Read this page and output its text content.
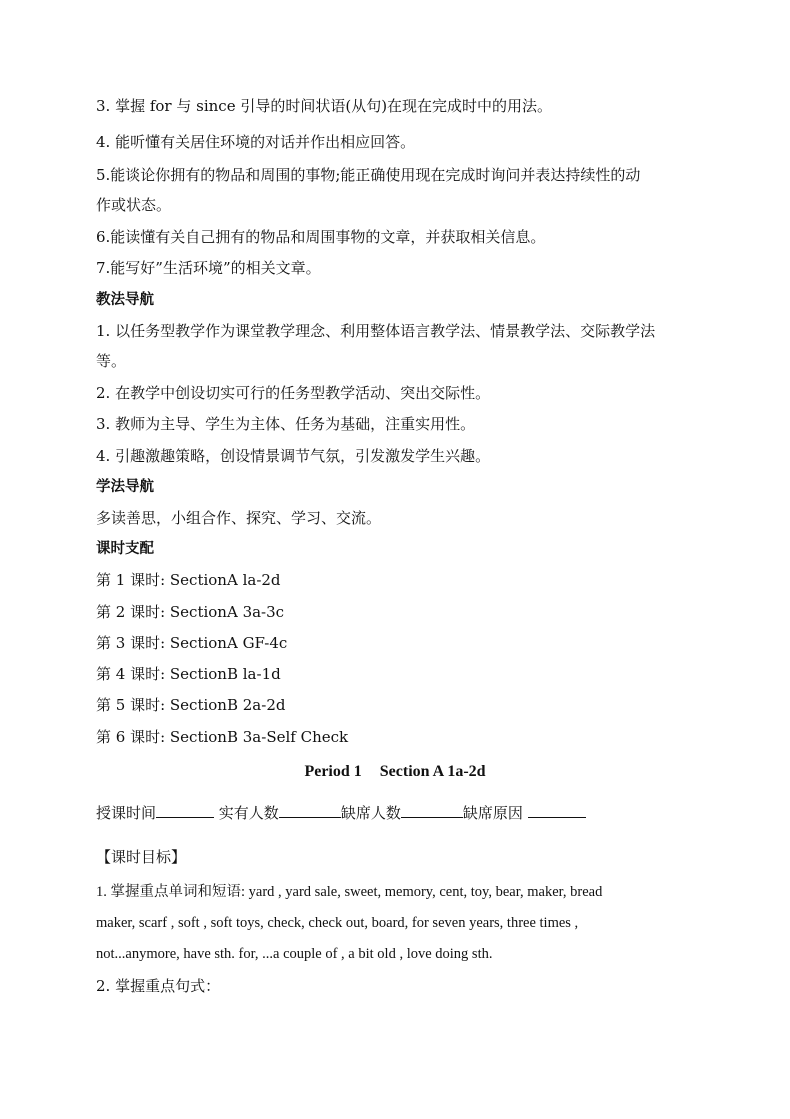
3. 掌握 for 与 since 引导的时间状语(从句)在现在完成时中的用法。
4. 能听懂有关居住环境的对话并作出相应回答。
5.能谈论你拥有的物品和周围的事物;能正确使用现在完成时询问并表达持续性的动
作或状态。
6.能读懂有关自己拥有的物品和周围事物的文章，并获取相关信息。
7.能写好”生活环境”的相关文章。
教法导航
1. 以任务型教学作为课堂教学理念、利用整体语言教学法、情景教学法、交际教学法
等。
2. 在教学中创设切实可行的任务型教学活动、突出交际性。
3. 教师为主导、学生为主体、任务为基础，注重实用性。
4. 引趣激趣策略，创设情景调节气氛，引发激发学生兴趣。
学法导航
多读善思，小组合作、探究、学习、交流。
课时支配
第 1 课时: SectionA la-2d
第 2 课时: SectionA 3a-3c
第 3 课时: SectionA GF-4c
第 4 课时: SectionB la-1d
第 5 课时: SectionB 2a-2d
第 6 课时: SectionB 3a-Self Check
Period 1 Section A 1a-2d
授课时间	实有人数	缺席人数	缺席原因
【课时目标】
1. 掌握重点单词和短语: yard , yard sale, sweet, memory, cent, toy, bear, maker, bread
maker, scarf , soft , soft toys, check, check out, board, for seven years, three times ,
not...anymore, have sth. for, ...a couple of , a bit old , love doing sth.
2. 掌握重点句式：
